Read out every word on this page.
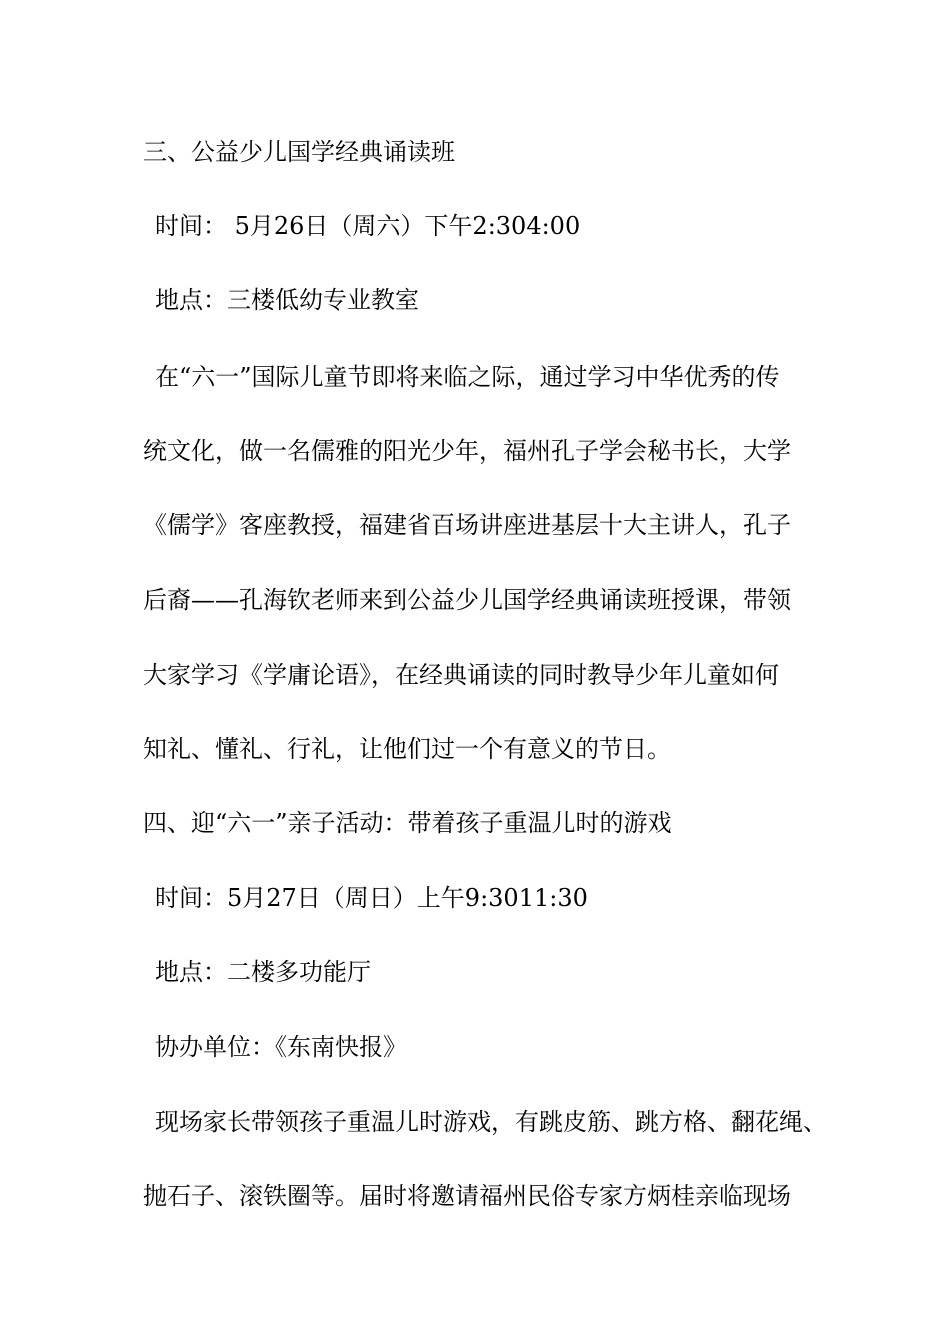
三、公益少儿国学经典诵读班
时间： 5月26日（周六）下午2:304:00
地点：三楼低幼专业教室
在“六一”国际儿童节即将来临之际，通过学习中华优秀的传
统文化，做一名儒雅的阳光少年，福州孔子学会秘书长，大学
《儒学》客座教授，福建省百场讲座进基层十大主讲人，孔子
后裔——孔海钦老师来到公益少儿国学经典诵读班授课，带领
大家学习《学庸论语》，在经典诵读的同时教导少年儿童如何
知礼、懂礼、行礼，让他们过一个有意义的节日。
四、迎“六一”亲子活动：带着孩子重温儿时的游戏
时间：5月27日（周日）上午9:3011:30
地点：二楼多功能厅
协办单位：《东南快报》
现场家长带领孩子重温儿时游戏，有跳皮筋、跳方格、翻花绳、
抛石子、滚铁圈等。届时将邀请福州民俗专家方炳桂亲临现场
